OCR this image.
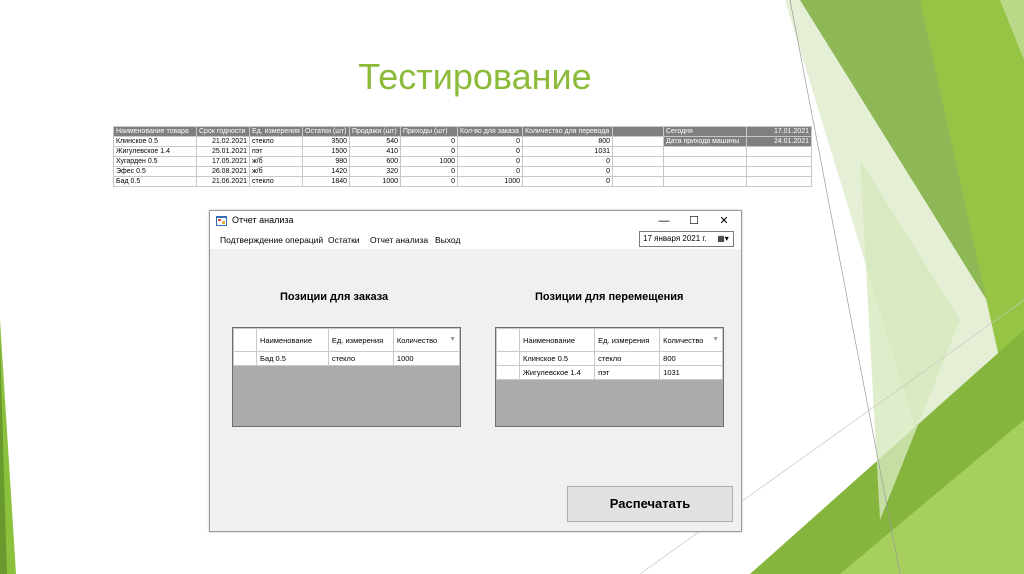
Тестирование
Наименование товара	Срок годности	Ед. измерения	Остатки (шт)	Продажи (шт)	Приходы (шт)	Кол-во для заказа	Количество для перевода	
Клинское 0.5	21.02.2021	стекло	3500	540	0	0	800	
Жигулевское 1.4	25.01.2021	пэт	1500	410	0	0	1031	
Хугарден 0.5	17.05.2021	ж/б	980	600	1000	0	0	
Эфес 0.5	26.08.2021	ж/б	1420	320	0	0	0	
Бад 0.5	21.06.2021	стекло	1840	1000	0	1000	0	
Сегодня	17.01.2021
Дата прихода машины	24.01.2021

Отчет анализа	—	☐	✕
Подтверждение операций Остатки Отчет анализа Выход	17 января 2021 г. ▦▾
Позиции для заказа	Позиции для перемещения
	Наименование	Ед. измерения	Количество ▼

	Бад 0.5	стекло	1000
	Наименование	Ед. измерения	Количество ▼

	Клинское 0.5	стекло	800
	Жигулевское 1.4	пэт	1031
Распечатать
